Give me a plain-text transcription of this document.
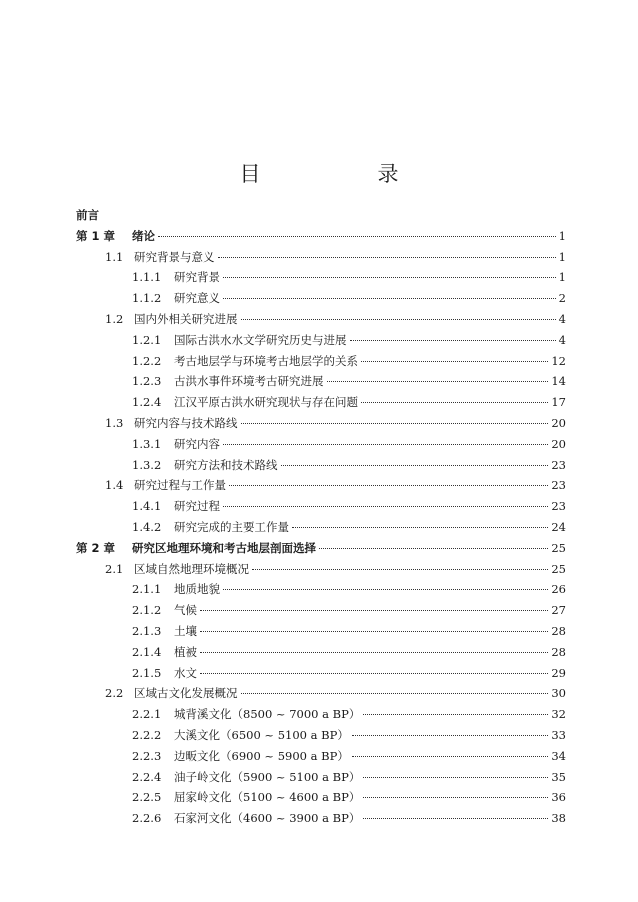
目　录
前言
第 1 章	绪论	1
1.1 研究背景与意义	1
1.1.1	研究背景	1
1.1.2	研究意义	2
1.2 国内外相关研究进展	4
1.2.1	国际古洪水水文学研究历史与进展	4
1.2.2	考古地层学与环境考古地层学的关系	12
1.2.3	古洪水事件环境考古研究进展	14
1.2.4	江汉平原古洪水研究现状与存在问题	17
1.3 研究内容与技术路线	20
1.3.1	研究内容	20
1.3.2	研究方法和技术路线	23
1.4 研究过程与工作量	23
1.4.1	研究过程	23
1.4.2	研究完成的主要工作量	24
第 2 章	研究区地理环境和考古地层剖面选择	25
2.1 区域自然地理环境概况	25
2.1.1	地质地貌	26
2.1.2	气候	27
2.1.3	土壤	28
2.1.4	植被	28
2.1.5	水文	29
2.2 区域古文化发展概况	30
2.2.1	城背溪文化（8500 ~ 7000 a BP）	32
2.2.2	大溪文化（6500 ~ 5100 a BP）	33
2.2.3	边畈文化（6900 ~ 5900 a BP）	34
2.2.4	油子岭文化（5900 ~ 5100 a BP）	35
2.2.5	屈家岭文化（5100 ~ 4600 a BP）	36
2.2.6	石家河文化（4600 ~ 3900 a BP）	38
